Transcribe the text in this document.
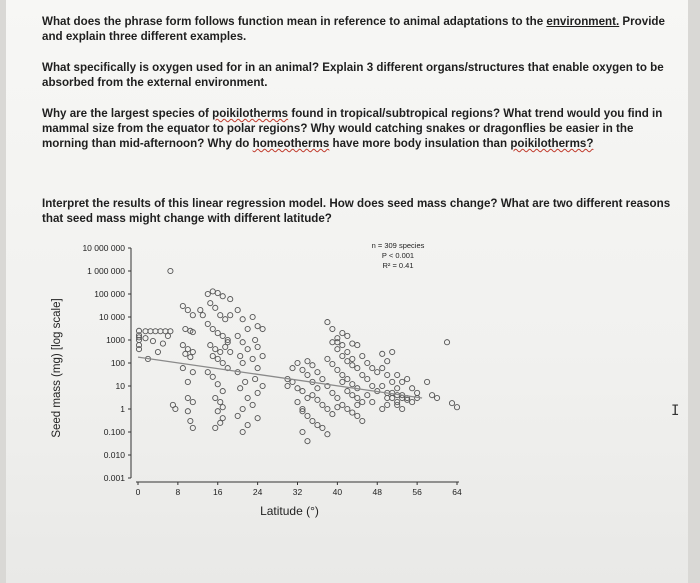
What does the phrase form follows function mean in reference to animal adaptations to the environment. Provide and explain three different examples.
What specifically is oxygen used for in an animal? Explain 3 different organs/structures that enable oxygen to be absorbed from the external environment.
Why are the largest species of poikilotherms found in tropical/subtropical regions? What trend would you find in mammal size from the equator to polar regions? Why would catching snakes or dragonflies be easier in the morning than mid-afternoon? Why do homeotherms have more body insulation than poikilotherms?
Interpret the results of this linear regression model. How does seed mass change? What are two different reasons that seed mass might change with different latitude?
0.001
0.010
0.100
1
10
100
1000
10 000
100 000
1 000 000
10 000 000
0	8	16	24	32	40	48	56	64
Latitude (°)
Seed mass (mg) [log scale]
n = 309 species
P < 0.001
R² = 0.41
I
